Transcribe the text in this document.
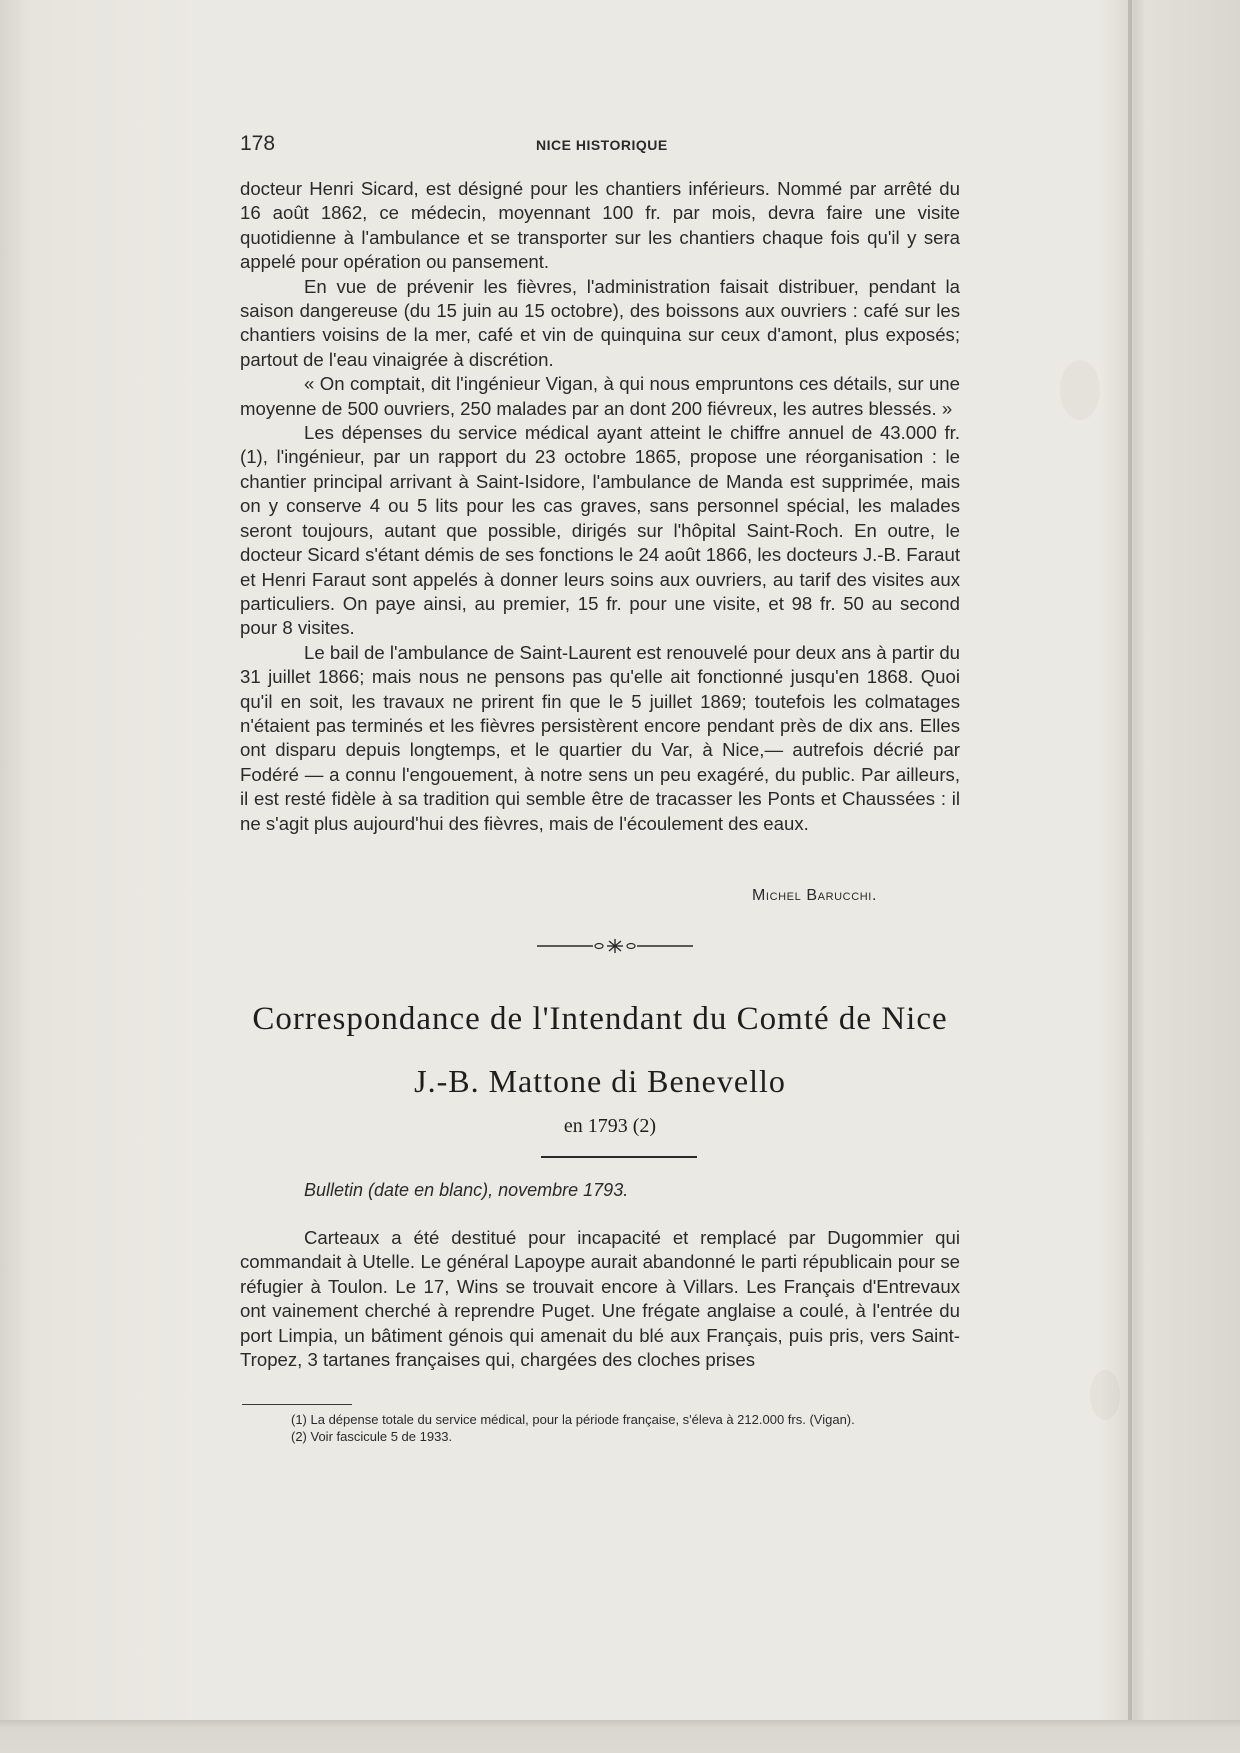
178	NICE HISTORIQUE

docteur Henri Sicard, est désigné pour les chantiers inférieurs. Nommé par arrêté du 16 août 1862, ce médecin, moyennant 100 fr. par mois, devra faire une visite quotidienne à l'ambulance et se transporter sur les chantiers chaque fois qu'il y sera appelé pour opération ou pansement.

En vue de prévenir les fièvres, l'administration faisait distribuer, pendant la saison dangereuse (du 15 juin au 15 octobre), des boissons aux ouvriers : café sur les chantiers voisins de la mer, café et vin de quinquina sur ceux d'amont, plus exposés; partout de l'eau vinaigrée à discrétion.

« On comptait, dit l'ingénieur Vigan, à qui nous empruntons ces détails, sur une moyenne de 500 ouvriers, 250 malades par an dont 200 fiévreux, les autres blessés. »

Les dépenses du service médical ayant atteint le chiffre annuel de 43.000 fr. (1), l'ingénieur, par un rapport du 23 octobre 1865, propose une réorganisation : le chantier principal arrivant à Saint-Isidore, l'ambulance de Manda est supprimée, mais on y conserve 4 ou 5 lits pour les cas graves, sans personnel spécial, les malades seront toujours, autant que possible, dirigés sur l'hôpital Saint-Roch. En outre, le docteur Sicard s'étant démis de ses fonctions le 24 août 1866, les docteurs J.-B. Faraut et Henri Faraut sont appelés à donner leurs soins aux ouvriers, au tarif des visites aux particuliers. On paye ainsi, au premier, 15 fr. pour une visite, et 98 fr. 50 au second pour 8 visites.

Le bail de l'ambulance de Saint-Laurent est renouvelé pour deux ans à partir du 31 juillet 1866; mais nous ne pensons pas qu'elle ait fonctionné jusqu'en 1868. Quoi qu'il en soit, les travaux ne prirent fin que le 5 juillet 1869; toutefois les colmatages n'étaient pas terminés et les fièvres persistèrent encore pendant près de dix ans. Elles ont disparu depuis longtemps, et le quartier du Var, à Nice,— autrefois décrié par Fodéré — a connu l'engouement, à notre sens un peu exagéré, du public. Par ailleurs, il est resté fidèle à sa tradition qui semble être de tracasser les Ponts et Chaussées : il ne s'agit plus aujourd'hui des fièvres, mais de l'écoulement des eaux.

Michel Barucchi.
Correspondance de l'Intendant du Comté de Nice
J.-B. Mattone di Benevello
en 1793 (2)
Bulletin (date en blanc), novembre 1793.

Carteaux a été destitué pour incapacité et remplacé par Dugommier qui commandait à Utelle. Le général Lapoype aurait abandonné le parti républicain pour se réfugier à Toulon. Le 17, Wins se trouvait encore à Villars. Les Français d'Entrevaux ont vainement cherché à reprendre Puget. Une frégate anglaise a coulé, à l'entrée du port Limpia, un bâtiment génois qui amenait du blé aux Français, puis pris, vers Saint-Tropez, 3 tartanes françaises qui, chargées des cloches prises

(1) La dépense totale du service médical, pour la période française, s'éleva à 212.000 frs. (Vigan).
(2) Voir fascicule 5 de 1933.
